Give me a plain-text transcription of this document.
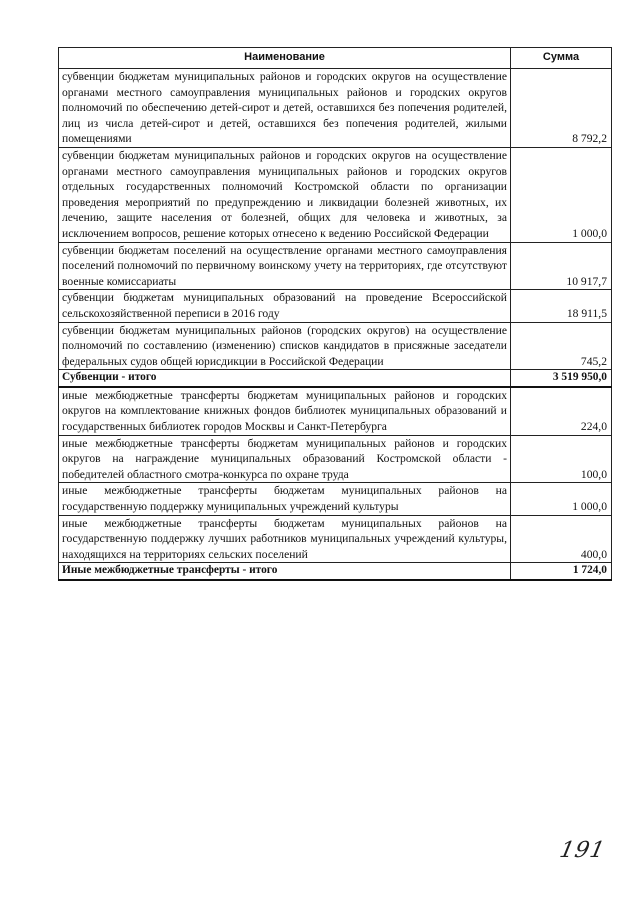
Наименование	Сумма
субвенции бюджетам муниципальных районов и городских округов на осуществление органами местного самоуправления муниципальных районов и городских округов полномочий по обеспечению детей-сирот и детей, оставшихся без попечения родителей, лиц из числа детей-сирот и детей, оставшихся без попечения родителей, жилыми помещениями	8 792,2
субвенции бюджетам муниципальных районов и городских округов на осуществление органами местного самоуправления муниципальных районов и городских округов отдельных государственных полномочий Костромской области по организации проведения мероприятий по предупреждению и ликвидации болезней животных, их лечению, защите населения от болезней, общих для человека и животных, за исключением вопросов, решение которых отнесено к ведению Российской Федерации	1 000,0
субвенции бюджетам поселений на осуществление органами местного самоуправления поселений полномочий по первичному воинскому учету на территориях, где отсутствуют военные комиссариаты	10 917,7
субвенции бюджетам муниципальных образований на проведение Всероссийской сельскохозяйственной переписи в 2016 году	18 911,5
субвенции бюджетам муниципальных районов (городских округов) на осуществление полномочий по составлению (изменению) списков кандидатов в присяжные заседатели федеральных судов общей юрисдикции в Российской Федерации	745,2
Субвенции - итого	3 519 950,0
иные межбюджетные трансферты бюджетам муниципальных районов и городских округов на комплектование книжных фондов библиотек муниципальных образований и государственных библиотек городов Москвы и Санкт-Петербурга	224,0
иные межбюджетные трансферты бюджетам муниципальных районов и городских округов на награждение муниципальных образований Костромской области - победителей областного смотра-конкурса по охране труда	100,0
иные межбюджетные трансферты бюджетам муниципальных районов на государственную поддержку муниципальных учреждений культуры	1 000,0
иные межбюджетные трансферты бюджетам муниципальных районов на государственную поддержку лучших работников муниципальных учреждений культуры, находящихся на территориях сельских поселений	400,0
Иные межбюджетные трансферты - итого	1 724,0
191
